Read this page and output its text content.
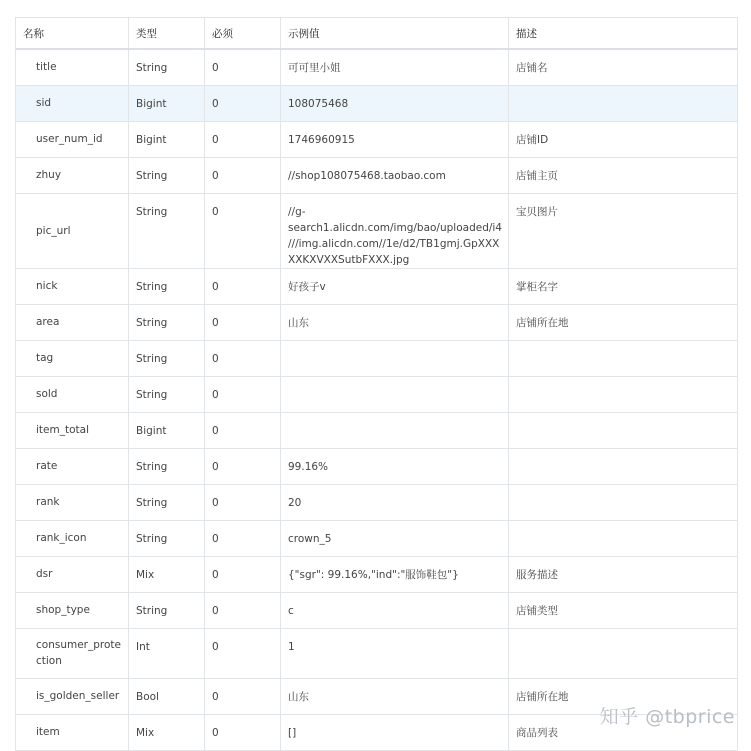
名称	类型	必须	示例值	描述
title	String	0	可可里小姐	店铺名
sid	Bigint	0	108075468	
user_num_id	Bigint	0	1746960915	店铺ID
zhuy	String	0	//shop108075468.taobao.com	店铺主页
pic_url	String	0	//g-search1.alicdn.com/img/bao/uploaded/i4///img.alicdn.com//1e/d2/TB1gmj.GpXXXXXKXVXXSutbFXXX.jpg	宝贝图片
nick	String	0	好孩子v	掌柜名字
area	String	0	山东	店铺所在地
tag	String	0		
sold	String	0		
item_total	Bigint	0		
rate	String	0	99.16%	
rank	String	0	20	
rank_icon	String	0	crown_5	
dsr	Mix	0	{"sgr": 99.16%,"ind":"服饰鞋包"}	服务描述
shop_type	String	0	c	店铺类型
consumer_protection	Int	0	1	
is_golden_seller	Bool	0	山东	店铺所在地
item	Mix	0	[]	商品列表
知乎 @tbprice
